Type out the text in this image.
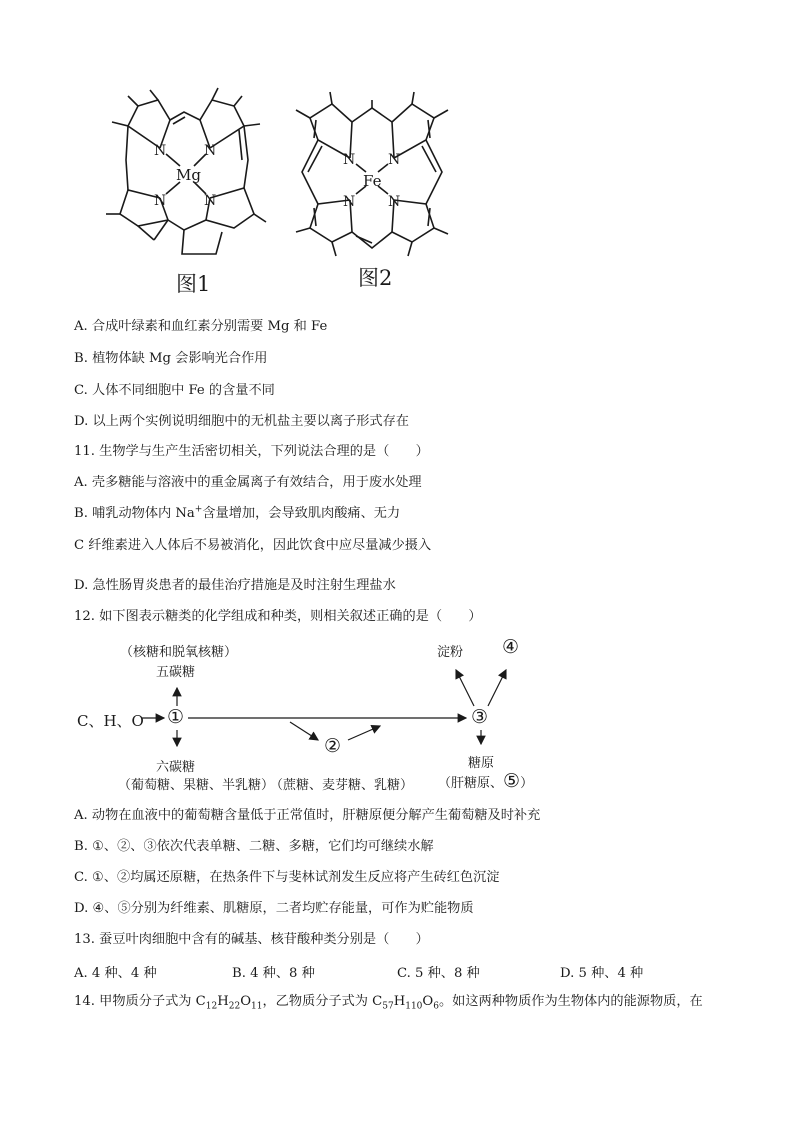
N	N
N	N
Mg
N N
N N
Fe
图1	图2
A. 合成叶绿素和血红素分别需要 Mg 和 Fe
B. 植物体缺 Mg 会影响光合作用
C. 人体不同细胞中 Fe 的含量不同
D. 以上两个实例说明细胞中的无机盐主要以离子形式存在
11. 生物学与生产生活密切相关，下列说法合理的是（　　）
A. 壳多糖能与溶液中的重金属离子有效结合，用于废水处理
B. 哺乳动物体内 Na+含量增加，会导致肌肉酸痛、无力
C 纤维素进入人体后不易被消化，因此饮食中应尽量减少摄入
D. 急性肠胃炎患者的最佳治疗措施是及时注射生理盐水
12. 如下图表示糖类的化学组成和种类，则相关叙述正确的是（　　）
（核糖和脱氧核糖）
五碳糖
C、H、O ①
②
③
淀粉 ④
六碳糖
（葡萄糖、果糖、半乳糖）
（蔗糖、麦芽糖、乳糖）
糖原
（肝糖原、⑤）
A. 动物在血液中的葡萄糖含量低于正常值时，肝糖原便分解产生葡萄糖及时补充
B. ①、②、③依次代表单糖、二糖、多糖，它们均可继续水解
C. ①、②均属还原糖，在热条件下与斐林试剂发生反应将产生砖红色沉淀
D. ④、⑤分别为纤维素、肌糖原，二者均贮存能量，可作为贮能物质
13. 蚕豆叶肉细胞中含有的碱基、核苷酸种类分别是（　　）
A. 4 种、4 种	B. 4 种、8 种	C. 5 种、8 种	D. 5 种、4 种
14. 甲物质分子式为 $C_{12}H_{22}O_{11}$，乙物质分子式为 $C_{57}H_{110}O_6$。如这两种物质作为生物体内的能源物质，在
